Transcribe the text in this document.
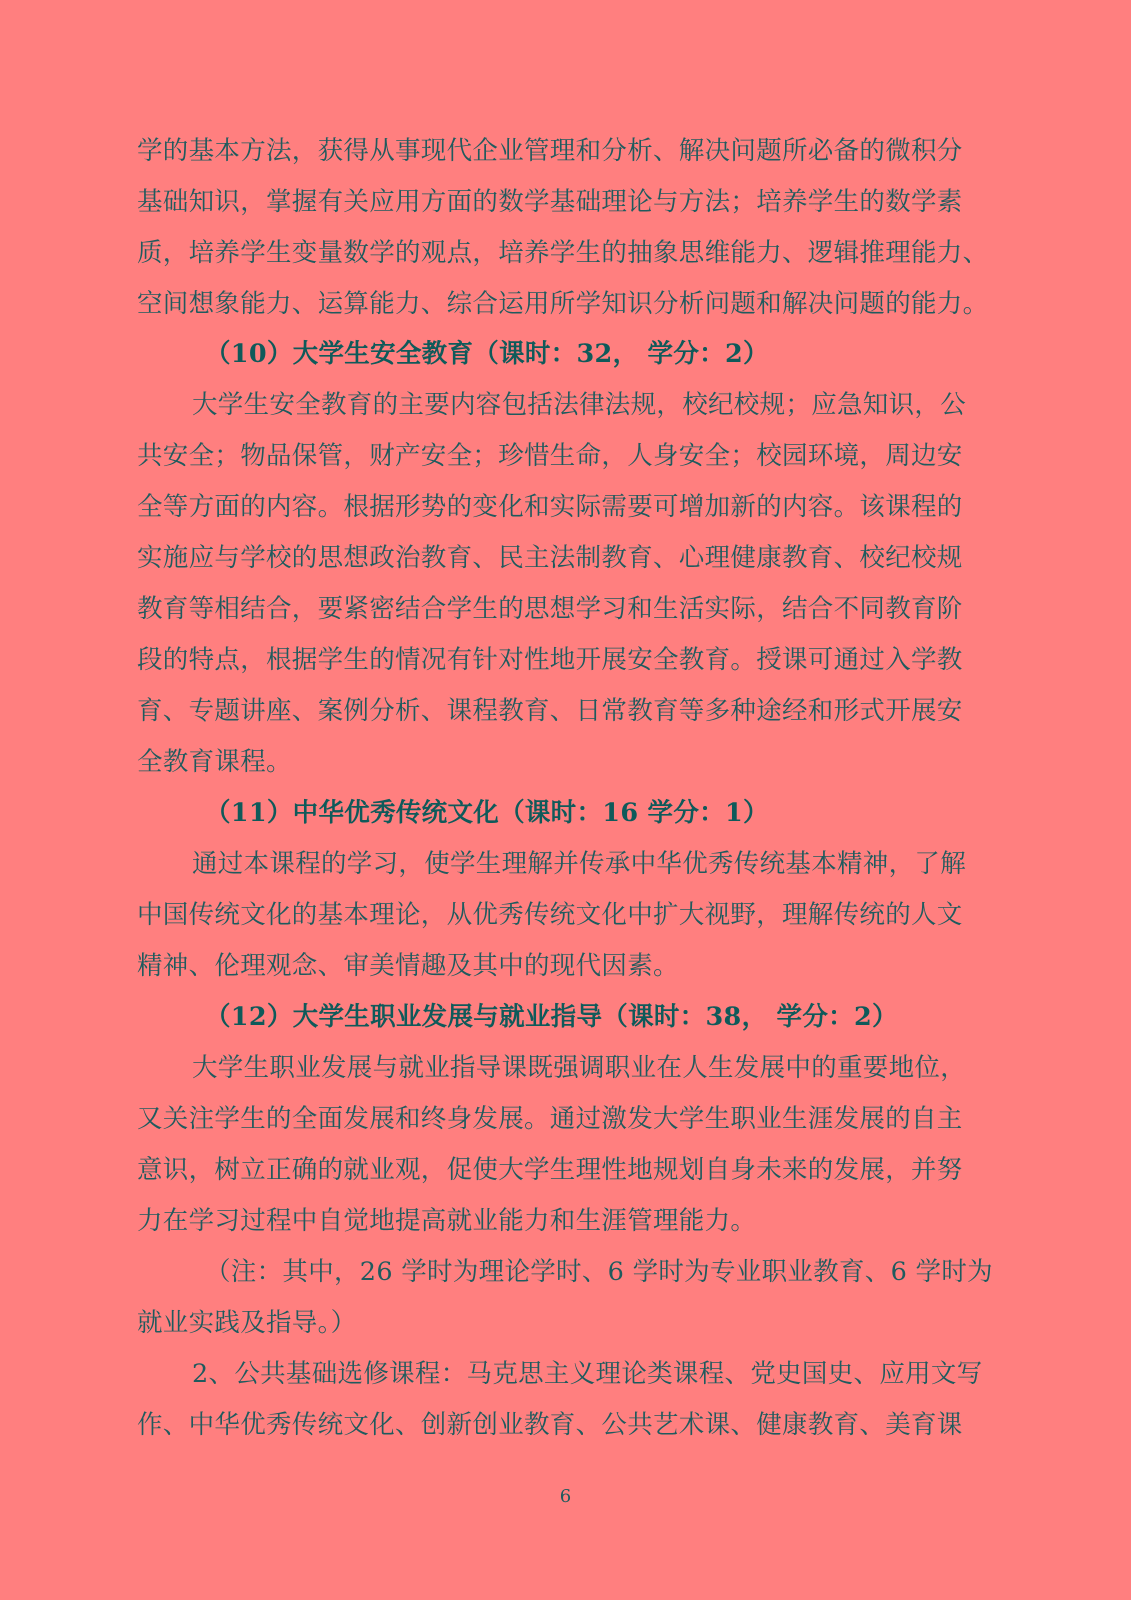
学的基本方法，获得从事现代企业管理和分析、解决问题所必备的微积分
基础知识，掌握有关应用方面的数学基础理论与方法；培养学生的数学素
质，培养学生变量数学的观点，培养学生的抽象思维能力、逻辑推理能力、
空间想象能力、运算能力、综合运用所学知识分析问题和解决问题的能力。
（10）大学生安全教育（课时：32， 学分：2）
大学生安全教育的主要内容包括法律法规，校纪校规；应急知识，公
共安全；物品保管，财产安全；珍惜生命，人身安全；校园环境，周边安
全等方面的内容。根据形势的变化和实际需要可增加新的内容。该课程的
实施应与学校的思想政治教育、民主法制教育、心理健康教育、校纪校规
教育等相结合，要紧密结合学生的思想学习和生活实际，结合不同教育阶
段的特点，根据学生的情况有针对性地开展安全教育。授课可通过入学教
育、专题讲座、案例分析、课程教育、日常教育等多种途经和形式开展安
全教育课程。
（11）中华优秀传统文化（课时：16 学分：1）
通过本课程的学习，使学生理解并传承中华优秀传统基本精神，了解
中国传统文化的基本理论，从优秀传统文化中扩大视野，理解传统的人文
精神、伦理观念、审美情趣及其中的现代因素。
（12）大学生职业发展与就业指导（课时：38， 学分：2）
大学生职业发展与就业指导课既强调职业在人生发展中的重要地位，
又关注学生的全面发展和终身发展。通过激发大学生职业生涯发展的自主
意识，树立正确的就业观，促使大学生理性地规划自身未来的发展，并努
力在学习过程中自觉地提高就业能力和生涯管理能力。
（注：其中，26 学时为理论学时、6 学时为专业职业教育、6 学时为
就业实践及指导。）
2、公共基础选修课程：马克思主义理论类课程、党史国史、应用文写
作、中华优秀传统文化、创新创业教育、公共艺术课、健康教育、美育课
6
